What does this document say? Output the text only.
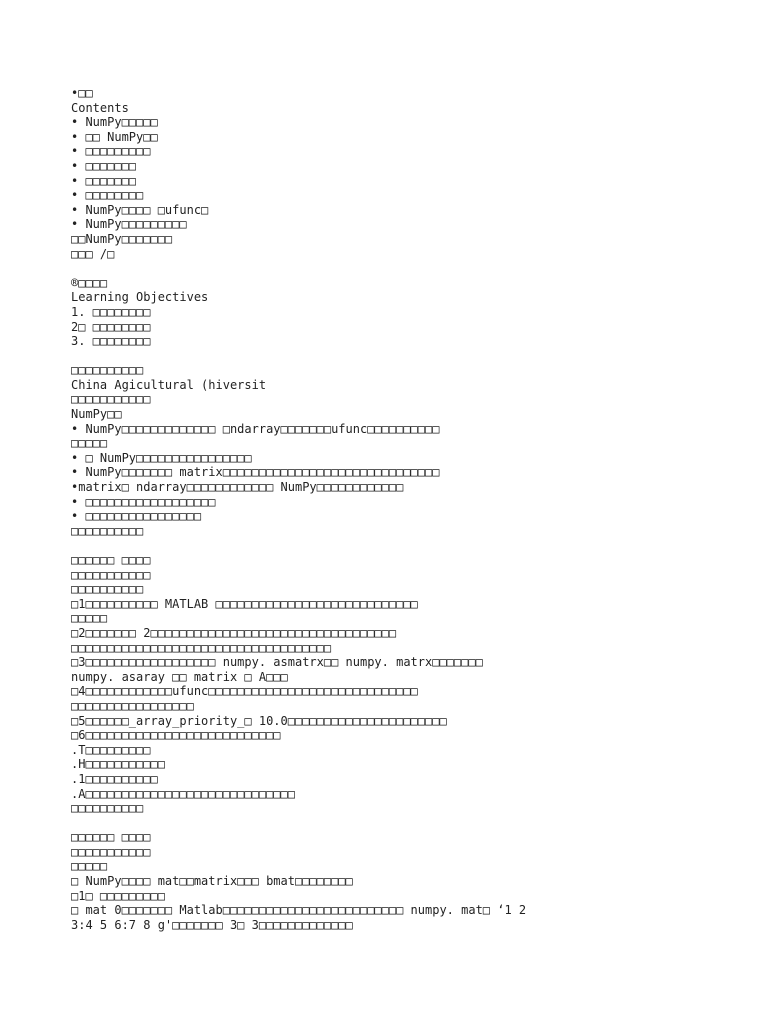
•□□
Contents
• NumPy□□□□□
• □□ NumPy□□
• □□□□□□□□□
• □□□□□□□
• □□□□□□□
• □□□□□□□□
• NumPy□□□□ □ufunc□
• NumPy□□□□□□□□□
□□NumPy□□□□□□□
□□□ /□
®□□□□
Learning Objectives
1. □□□□□□□□
2□ □□□□□□□□
3. □□□□□□□□
□□□□□□□□□□
China Agicultural (hiversit
□□□□□□□□□□□
NumPy□□
• NumPy□□□□□□□□□□□□□ □ndarray□□□□□□□ufunc□□□□□□□□□□
□□□□□
• □ NumPy□□□□□□□□□□□□□□□□
• NumPy□□□□□□□ matrix□□□□□□□□□□□□□□□□□□□□□□□□□□□□□□
•matrix□ ndarray□□□□□□□□□□□□ NumPy□□□□□□□□□□□□
• □□□□□□□□□□□□□□□□□□
• □□□□□□□□□□□□□□□□
□□□□□□□□□□
□□□□□□ □□□□
□□□□□□□□□□□
□□□□□□□□□□
□1□□□□□□□□□□ MATLAB □□□□□□□□□□□□□□□□□□□□□□□□□□□□
□□□□□
□2□□□□□□□ 2□□□□□□□□□□□□□□□□□□□□□□□□□□□□□□□□□□
□□□□□□□□□□□□□□□□□□□□□□□□□□□□□□□□□□□□
□3□□□□□□□□□□□□□□□□□□ numpy. asmatrx□□ numpy. matrx□□□□□□□
numpy. asaray □□ matrix □ A□□□
□4□□□□□□□□□□□□ufunc□□□□□□□□□□□□□□□□□□□□□□□□□□□□□
□□□□□□□□□□□□□□□□□
□5□□□□□□_array_priority_□ 10.0□□□□□□□□□□□□□□□□□□□□□□
□6□□□□□□□□□□□□□□□□□□□□□□□□□□□
.T□□□□□□□□□
.H□□□□□□□□□□□
.1□□□□□□□□□□
.A□□□□□□□□□□□□□□□□□□□□□□□□□□□□□
□□□□□□□□□□
□□□□□□ □□□□
□□□□□□□□□□□
□□□□□
□ NumPy□□□□ mat□□matrix□□□ bmat□□□□□□□□
□1□ □□□□□□□□□
□ mat 0□□□□□□□ Matlab□□□□□□□□□□□□□□□□□□□□□□□□□ numpy. mat□ ‘1 2
3:4 5 6:7 8 g'□□□□□□□ 3□ 3□□□□□□□□□□□□□
